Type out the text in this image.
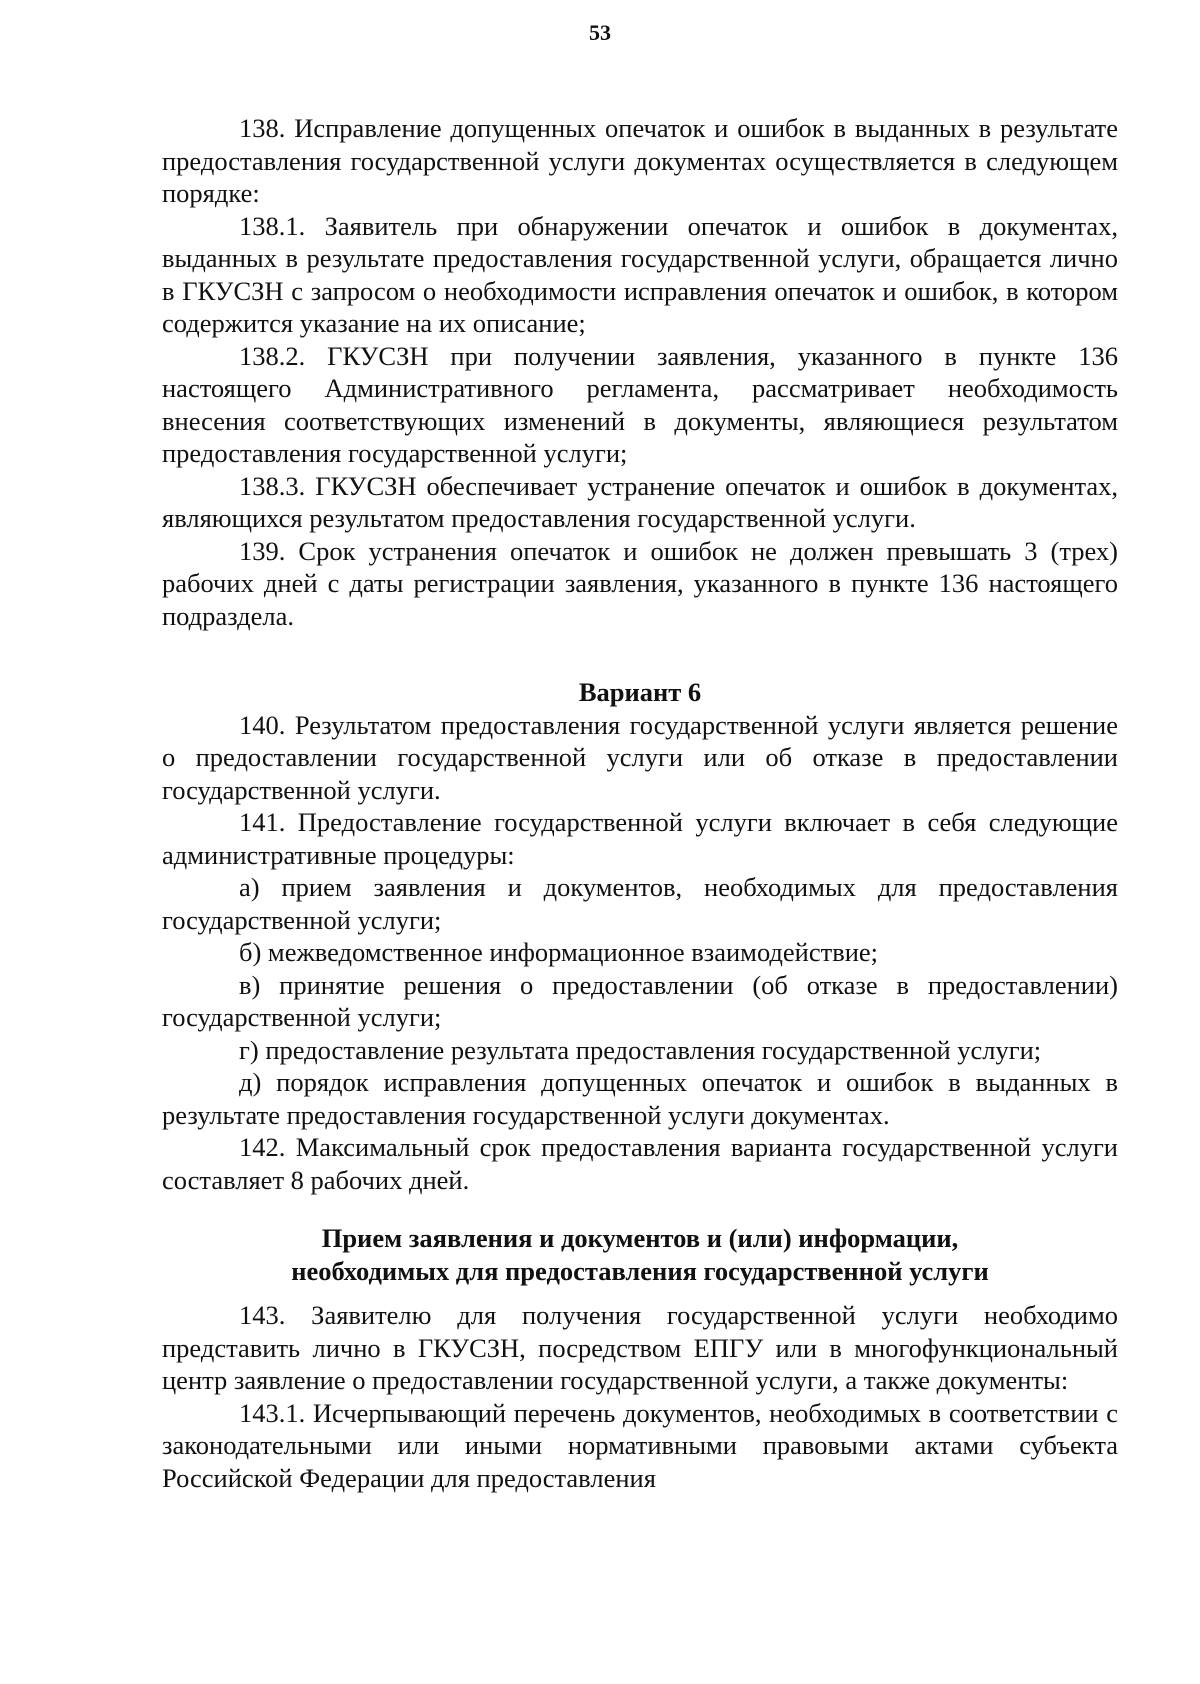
53

138. Исправление допущенных опечаток и ошибок в выданных в результате предоставления государственной услуги документах осуществляется в следующем порядке:

138.1. Заявитель при обнаружении опечаток и ошибок в документах, выданных в результате предоставления государственной услуги, обращается лично в ГКУСЗН с запросом о необходимости исправления опечаток и ошибок, в котором содержится указание на их описание;

138.2. ГКУСЗН при получении заявления, указанного в пункте 136 настоящего Административного регламента, рассматривает необходимость внесения соответствующих изменений в документы, являющиеся результатом предоставления государственной услуги;

138.3. ГКУСЗН обеспечивает устранение опечаток и ошибок в документах, являющихся результатом предоставления государственной услуги.

139. Срок устранения опечаток и ошибок не должен превышать 3 (трех) рабочих дней с даты регистрации заявления, указанного в пункте 136 настоящего подраздела.

Вариант 6

140. Результатом предоставления государственной услуги является решение о предоставлении государственной услуги или об отказе в предоставлении государственной услуги.

141. Предоставление государственной услуги включает в себя следующие административные процедуры:

а) прием заявления и документов, необходимых для предоставления государственной услуги;

б) межведомственное информационное взаимодействие;

в) принятие решения о предоставлении (об отказе в предоставлении) государственной услуги;

г) предоставление результата предоставления государственной услуги;

д) порядок исправления допущенных опечаток и ошибок в выданных в результате предоставления государственной услуги документах.

142. Максимальный срок предоставления варианта государственной услуги составляет 8 рабочих дней.

Прием заявления и документов и (или) информации,

необходимых для предоставления государственной услуги

143. Заявителю для получения государственной услуги необходимо представить лично в ГКУСЗН, посредством ЕПГУ или в многофункциональный центр заявление о предоставлении государственной услуги, а также документы:

143.1. Исчерпывающий перечень документов, необходимых в соответствии с законодательными или иными нормативными правовыми актами субъекта Российской Федерации для предоставления
